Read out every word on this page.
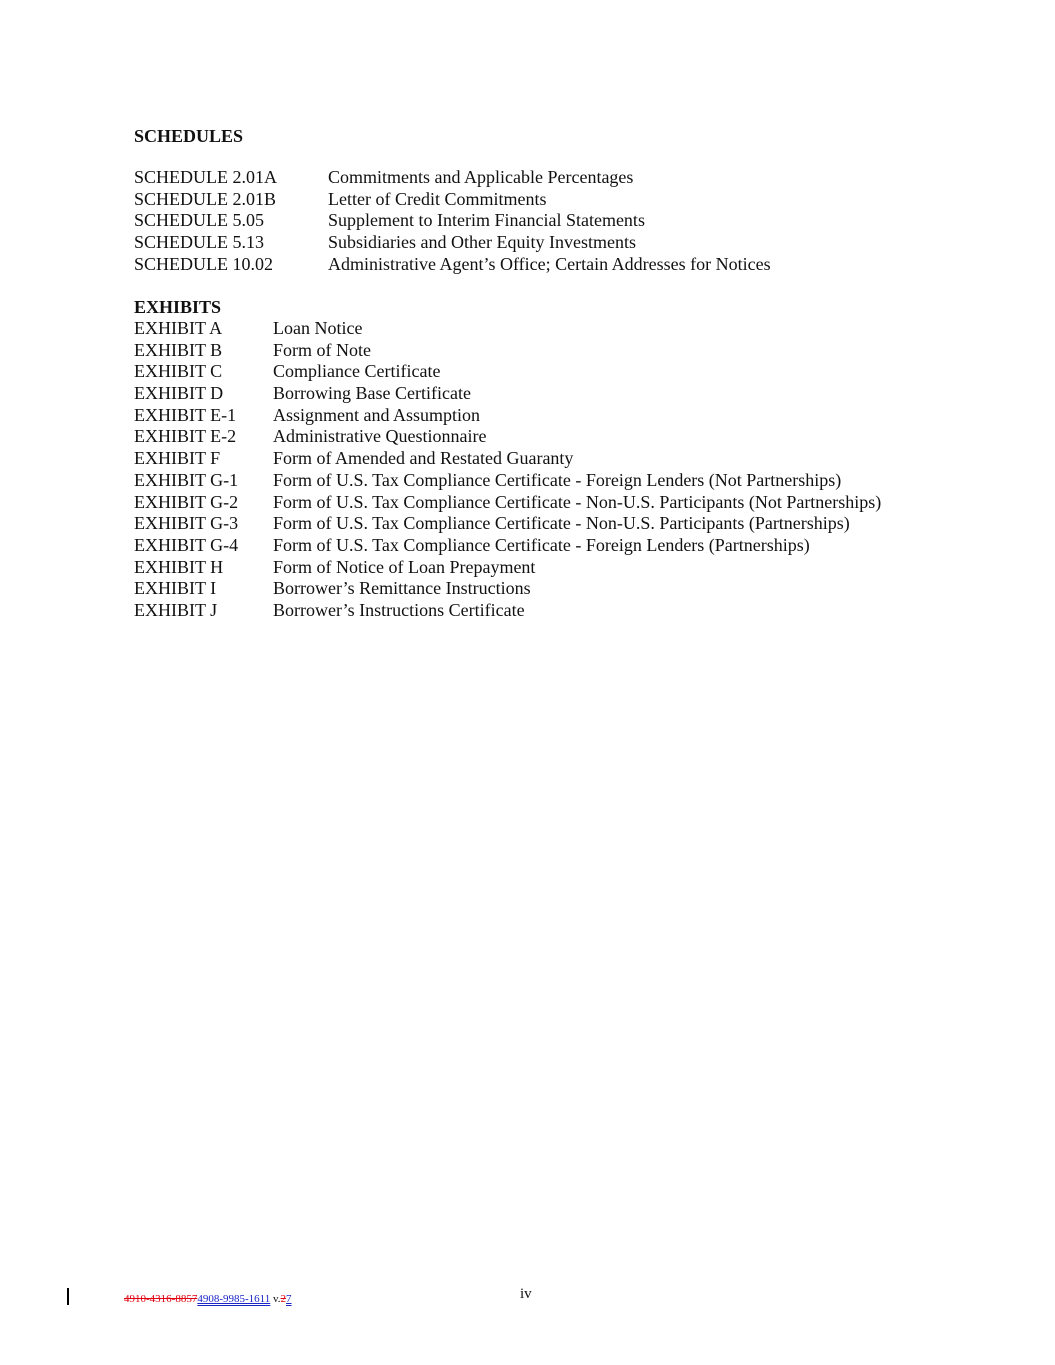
SCHEDULES
SCHEDULE 2.01A	Commitments and Applicable Percentages
SCHEDULE 2.01B	Letter of Credit Commitments
SCHEDULE 5.05	Supplement to Interim Financial Statements
SCHEDULE 5.13	Subsidiaries and Other Equity Investments
SCHEDULE 10.02	Administrative Agent’s Office; Certain Addresses for Notices
EXHIBITS
EXHIBIT A	Loan Notice
EXHIBIT B	Form of Note
EXHIBIT C	Compliance Certificate
EXHIBIT D	Borrowing Base Certificate
EXHIBIT E-1 Assignment and Assumption
EXHIBIT E-2 Administrative Questionnaire
EXHIBIT F	Form of Amended and Restated Guaranty
EXHIBIT G-1 Form of U.S. Tax Compliance Certificate - Foreign Lenders (Not Partnerships)
EXHIBIT G-2 Form of U.S. Tax Compliance Certificate - Non-U.S. Participants (Not Partnerships)
EXHIBIT G-3 Form of U.S. Tax Compliance Certificate - Non-U.S. Participants (Partnerships)
EXHIBIT G-4 Form of U.S. Tax Compliance Certificate - Foreign Lenders (Partnerships)
EXHIBIT H	Form of Notice of Loan Prepayment
EXHIBIT I	Borrower’s Remittance Instructions
EXHIBIT J	Borrower’s Instructions Certificate
4910-4316-88574908-9985-1611 v.27	iv
